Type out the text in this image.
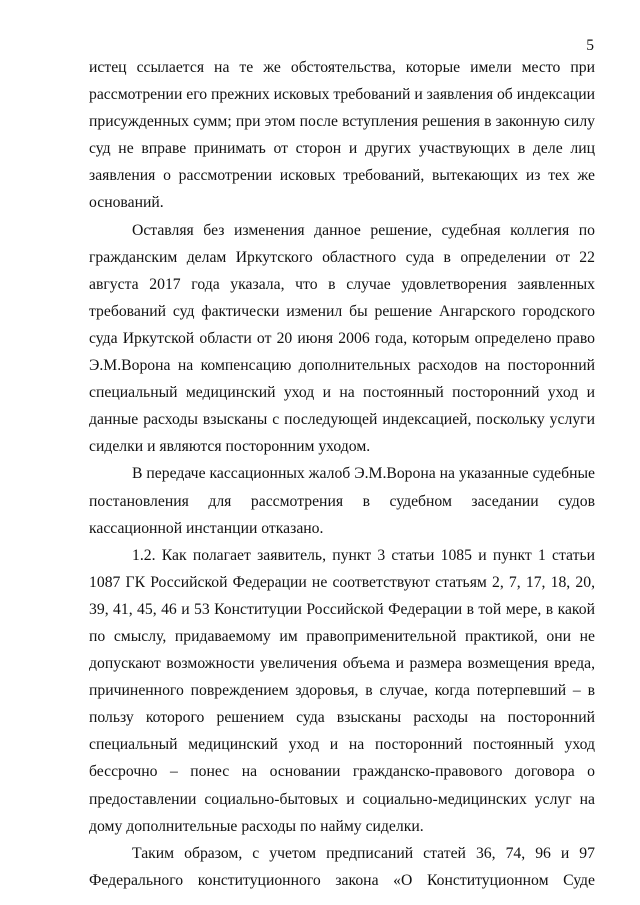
5

истец ссылается на те же обстоятельства, которые имели место при рассмотрении его прежних исковых требований и заявления об индексации присужденных сумм; при этом после вступления решения в законную силу суд не вправе принимать от сторон и других участвующих в деле лиц заявления о рассмотрении исковых требований, вытекающих из тех же оснований.

Оставляя без изменения данное решение, судебная коллегия по гражданским делам Иркутского областного суда в определении от 22 августа 2017 года указала, что в случае удовлетворения заявленных требований суд фактически изменил бы решение Ангарского городского суда Иркутской области от 20 июня 2006 года, которым определено право Э.М.Ворона на компенсацию дополнительных расходов на посторонний специальный медицинский уход и на постоянный посторонний уход и данные расходы взысканы с последующей индексацией, поскольку услуги сиделки и являются посторонним уходом.

В передаче кассационных жалоб Э.М.Ворона на указанные судебные постановления для рассмотрения в судебном заседании судов кассационной инстанции отказано.

1.2. Как полагает заявитель, пункт 3 статьи 1085 и пункт 1 статьи 1087 ГК Российской Федерации не соответствуют статьям 2, 7, 17, 18, 20, 39, 41, 45, 46 и 53 Конституции Российской Федерации в той мере, в какой по смыслу, придаваемому им правоприменительной практикой, они не допускают возможности увеличения объема и размера возмещения вреда, причиненного повреждением здоровья, в случае, когда потерпевший – в пользу которого решением суда взысканы расходы на посторонний специальный медицинский уход и на посторонний постоянный уход бессрочно – понес на основании гражданско-правового договора о предоставлении социально-бытовых и социально-медицинских услуг на дому дополнительные расходы по найму сиделки.

Таким образом, с учетом предписаний статей 36, 74, 96 и 97 Федерального конституционного закона «О Конституционном Суде
